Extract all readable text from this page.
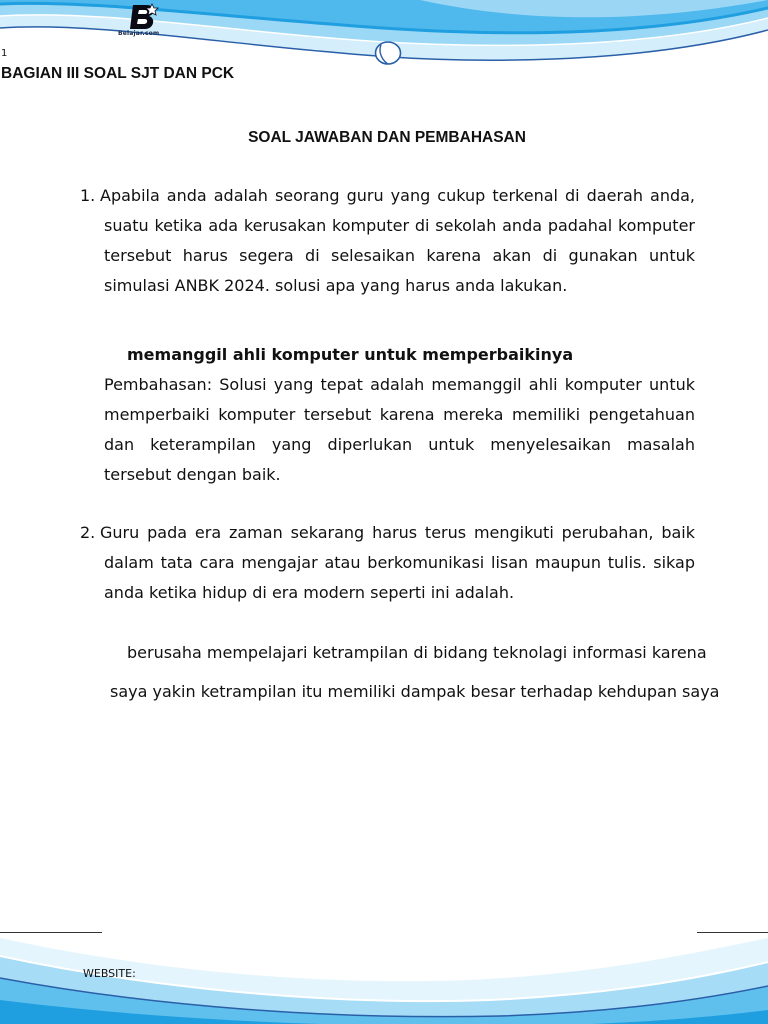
Belajar.com
1
BAGIAN III SOAL SJT DAN PCK
SOAL JAWABAN DAN PEMBAHASAN
1. Apabila anda adalah seorang guru yang cukup terkenal di daerah anda, suatu ketika ada kerusakan komputer di sekolah anda padahal komputer tersebut harus segera di selesaikan karena akan di gunakan untuk simulasi ANBK 2024. solusi apa yang harus anda lakukan.
memanggil ahli komputer untuk memperbaikinya
Pembahasan: Solusi yang tepat adalah memanggil ahli komputer untuk memperbaiki komputer tersebut karena mereka memiliki pengetahuan dan keterampilan yang diperlukan untuk menyelesaikan masalah tersebut dengan baik.
2. Guru pada era zaman sekarang harus terus mengikuti perubahan, baik dalam tata cara mengajar atau berkomunikasi lisan maupun tulis. sikap anda ketika hidup di era modern seperti ini adalah.
berusaha mempelajari ketrampilan di bidang teknolagi informasi karena
saya yakin ketrampilan itu memiliki dampak besar terhadap kehdupan saya
WEBSITE:
